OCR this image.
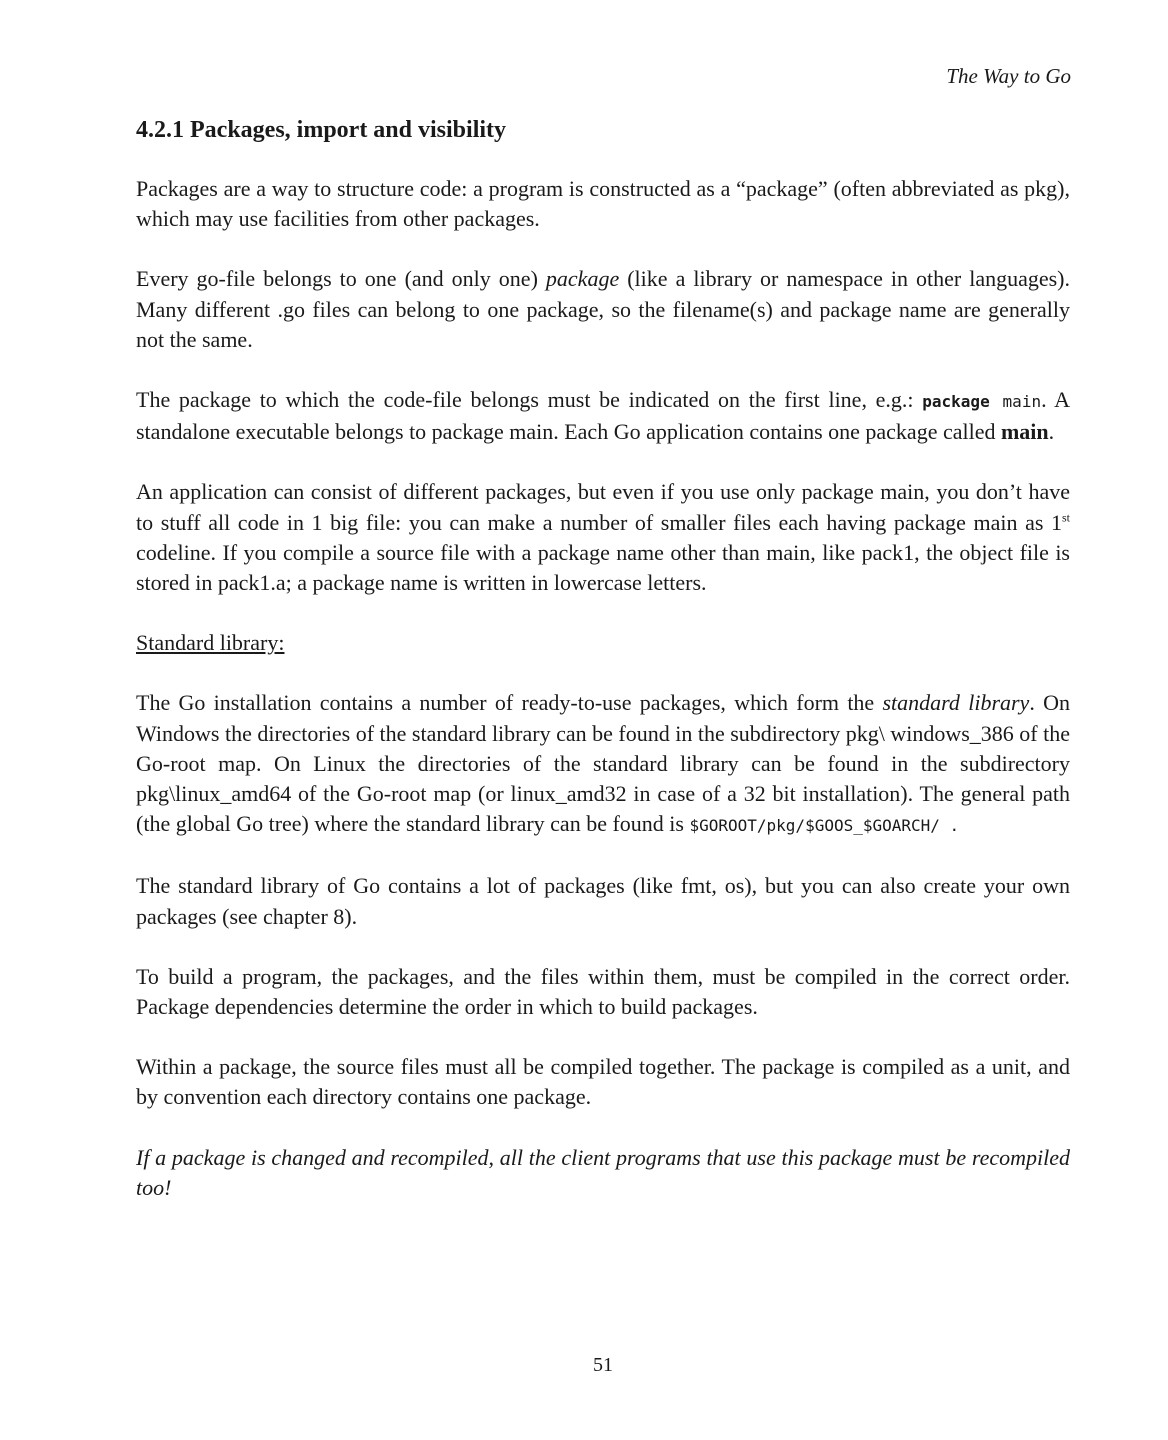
The Way to Go
4.2.1 Packages, import and visibility

Packages are a way to structure code: a program is constructed as a “package” (often abbreviated as pkg), which may use facilities from other packages.

Every go-file belongs to one (and only one) package (like a library or namespace in other languages). Many different .go files can belong to one package, so the filename(s) and package name are generally not the same.

The package to which the code-file belongs must be indicated on the first line, e.g.: package main. A standalone executable belongs to package main. Each Go application contains one package called main.

An application can consist of different packages, but even if you use only package main, you don’t have to stuff all code in 1 big file: you can make a number of smaller files each having package main as 1st codeline. If you compile a source file with a package name other than main, like pack1, the object file is stored in pack1.a; a package name is written in lowercase letters.

Standard library:

The Go installation contains a number of ready-to-use packages, which form the standard library. On Windows the directories of the standard library can be found in the subdirectory pkg\ windows_386 of the Go-root map. On Linux the directories of the standard library can be found in the subdirectory pkg\linux_amd64 of the Go-root map (or linux_amd32 in case of a 32 bit installation). The general path (the global Go tree) where the standard library can be found is $GOROOT/pkg/$GOOS_$GOARCH/ .

The standard library of Go contains a lot of packages (like fmt, os), but you can also create your own packages (see chapter 8).

To build a program, the packages, and the files within them, must be compiled in the correct order. Package dependencies determine the order in which to build packages.

Within a package, the source files must all be compiled together. The package is compiled as a unit, and by convention each directory contains one package.

If a package is changed and recompiled, all the client programs that use this package must be recompiled too!

51
